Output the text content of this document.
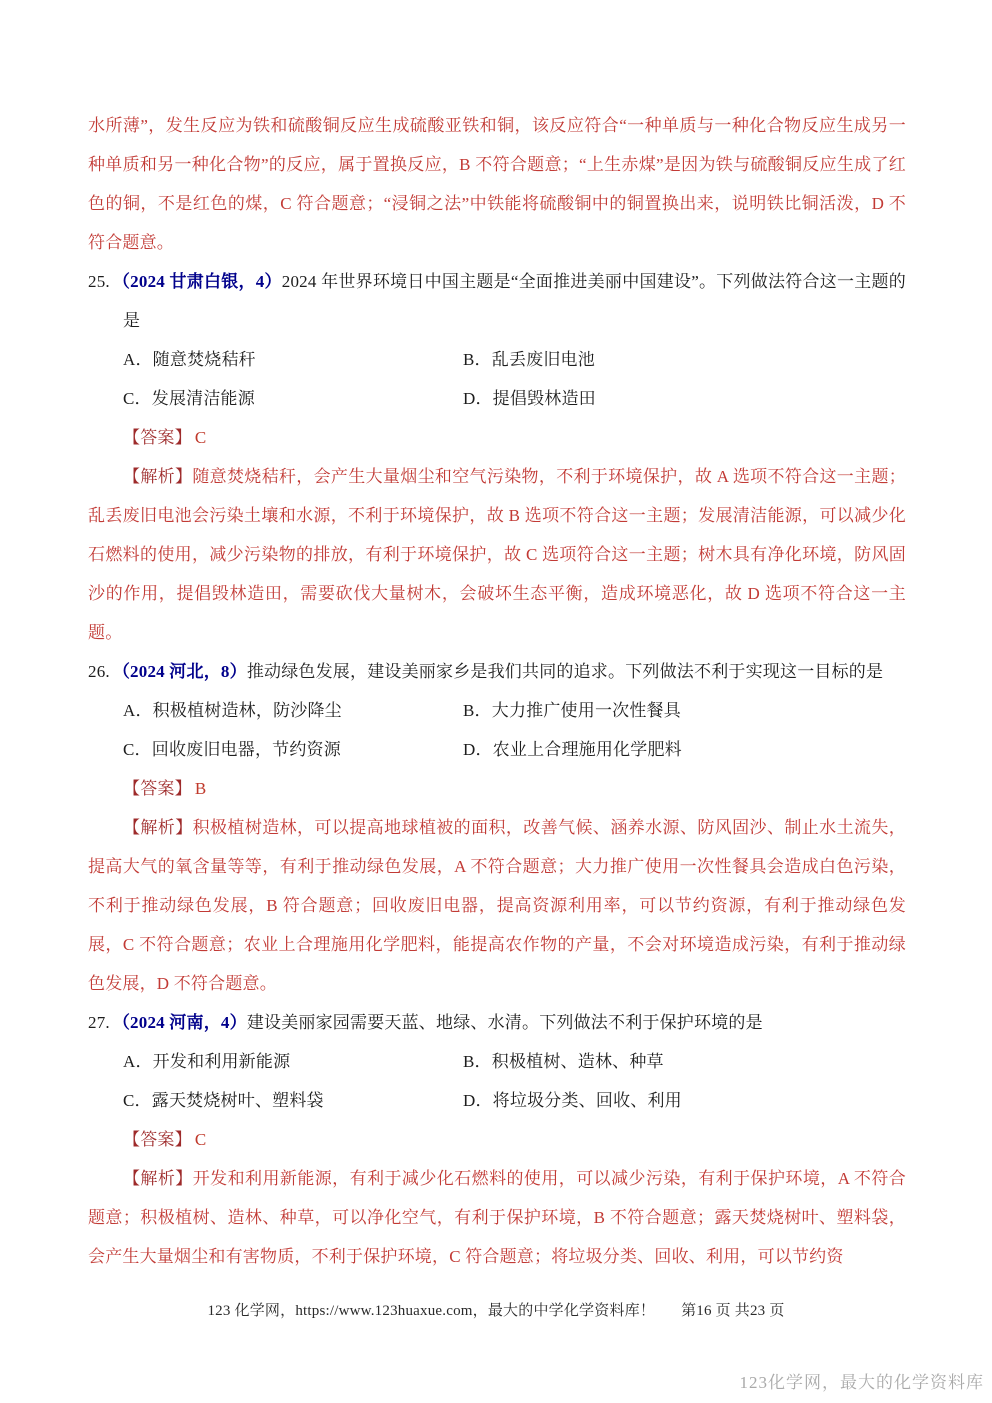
水所薄”，发生反应为铁和硫酸铜反应生成硫酸亚铁和铜，该反应符合“一种单质与一种化合物反应生成另一种单质和另一种化合物”的反应，属于置换反应，B 不符合题意；“上生赤煤”是因为铁与硫酸铜反应生成了红色的铜，不是红色的煤，C 符合题意；“浸铜之法”中铁能将硫酸铜中的铜置换出来，说明铁比铜活泼，D 不符合题意。

25. （2024 甘肃白银，4）2024 年世界环境日中国主题是“全面推进美丽中国建设”。下列做法符合这一主题的是

A．随意焚烧秸秆	B．乱丢废旧电池
C．发展清洁能源	D．提倡毁林造田

【答案】 C

【解析】随意焚烧秸秆，会产生大量烟尘和空气污染物，不利于环境保护，故 A 选项不符合这一主题；乱丢废旧电池会污染土壤和水源，不利于环境保护，故 B 选项不符合这一主题；发展清洁能源，可以减少化石燃料的使用，减少污染物的排放，有利于环境保护，故 C 选项符合这一主题；树木具有净化环境，防风固沙的作用，提倡毁林造田，需要砍伐大量树木，会破坏生态平衡，造成环境恶化，故 D 选项不符合这一主题。

26. （2024 河北，8）推动绿色发展，建设美丽家乡是我们共同的追求。下列做法不利于实现这一目标的是

A．积极植树造林，防沙降尘	B．大力推广使用一次性餐具
C．回收废旧电器，节约资源	D．农业上合理施用化学肥料

【答案】 B

【解析】积极植树造林，可以提高地球植被的面积，改善气候、涵养水源、防风固沙、制止水土流失，提高大气的氧含量等等，有利于推动绿色发展，A 不符合题意；大力推广使用一次性餐具会造成白色污染，不利于推动绿色发展，B 符合题意；回收废旧电器，提高资源利用率，可以节约资源，有利于推动绿色发展，C 不符合题意；农业上合理施用化学肥料，能提高农作物的产量，不会对环境造成污染，有利于推动绿色发展，D 不符合题意。

27. （2024 河南，4）建设美丽家园需要天蓝、地绿、水清。下列做法不利于保护环境的是

A．开发和利用新能源	B．积极植树、造林、种草
C．露天焚烧树叶、塑料袋	D．将垃圾分类、回收、利用

【答案】 C

【解析】开发和利用新能源，有利于减少化石燃料的使用，可以减少污染，有利于保护环境，A 不符合题意；积极植树、造林、种草，可以净化空气，有利于保护环境，B 不符合题意；露天焚烧树叶、塑料袋，会产生大量烟尘和有害物质，不利于保护环境，C 符合题意；将垃圾分类、回收、利用，可以节约资

123 化学网，https://www.123huaxue.com，最大的中学化学资料库！ 第16 页 共23 页
123化学网，最大的化学资料库
